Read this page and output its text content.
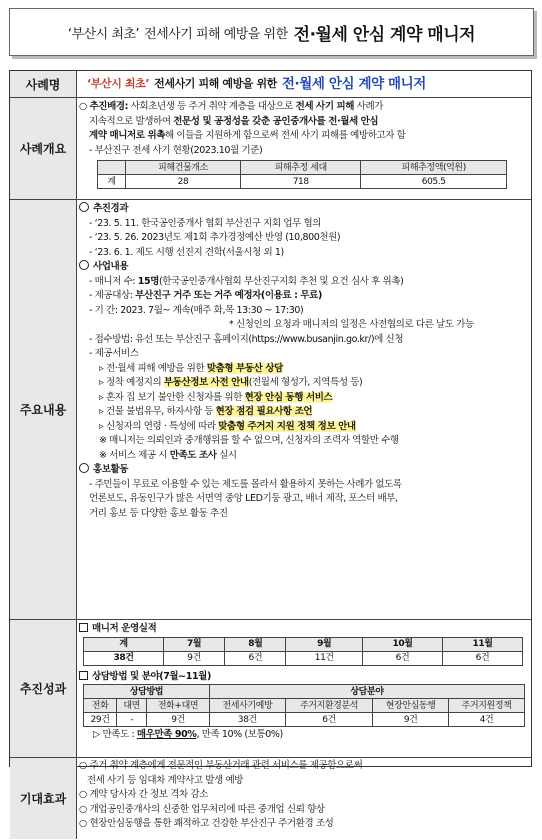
‘부산시 최초’ 전세사기 피해 예방을 위한 전·월세 안심 계약 매니저
사례명	‘부산시 최초’ 전세사기 피해 예방을 위한 전·월세 안심 계약 매니저
사례개요
○ 추진배경: 사회초년생 등 주거 취약 계층을 대상으로 전세 사기 피해 사례가
지속적으로 발생하여 전문성 및 공정성을 갖춘 공인중개사를 전·월세 안심
계약 매니저로 위촉해 이들을 지원하게 함으로써 전세 사기 피해를 예방하고자 함
- 부산진구 전세 사기 현황(2023.10월 기준)
	피해건물개소	피해추정 세대	피해추정액(억원)
계	28	718	605.5
주요내용
추진경과
- ‘23. 5. 11. 한국공인중개사 협회 부산진구 지회 업무 협의
- ‘23. 5. 26. 2023년도 제1회 추가경정예산 반영 (10,800천원)
- ‘23. 6. 1. 제도 시행 선진지 견학(서울시청 외 1)
사업내용
- 매니저 수: 15명(한국공인중개사협회 부산진구지회 추천 및 요건 심사 후 위촉)
- 제공대상: 부산진구 거주 또는 거주 예정자(이용료 : 무료)
- 기 간: 2023. 7월~ 계속(매주 화,목 13:30 ~ 17:30)
* 신청인의 요청과 매니저의 일정은 사전협의로 다른 날도 가능
- 접수방법: 유선 또는 부산진구 홈페이지(https://www.busanjin.go.kr/)에 신청
- 제공서비스
▹ 전·월세 피해 예방을 위한 맞춤형 부동산 상담
▹ 정착 예정지의 부동산정보 사전 안내(전월세 형성가, 지역특성 등)
▹ 혼자 집 보기 불안한 신청자를 위한 현장 안심 동행 서비스
▹ 건물 불법유무, 하자사항 등 현장 점검 필요사항 조언
▹ 신청자의 연령 · 특성에 따라 맞춤형 주거지 지원 정책 정보 안내
※ 매니저는 의뢰인과 중개행위를 할 수 없으며, 신청자의 조력자 역할만 수행
※ 서비스 제공 시 만족도 조사 실시
홍보활동
- 주민들이 무료로 이용할 수 있는 제도를 몰라서 활용하지 못하는 사례가 없도록
언론보도, 유동인구가 많은 서면역 중앙 LED기둥 광고, 배너 제작, 포스터 배부,
거리 홍보 등 다양한 홍보 활동 추진
추진성과
매니저 운영실적
계	7월	8월	9월	10월	11월
38건	9건	6건	11건	6건	6건
상담방법 및 분야(7월~11월)
상담방법			상담분야			
전화	대면	전화+대면	전세사기예방	주거지환경분석	현장안심동행	주거지원정책
29건	-	9건	38건	6건	9건	4건
▷ 만족도 : 매우만족 90%, 만족 10% (보통0%)
기대효과
○ 주거 취약 계층에게 전문적인 부동산거래 관련 서비스를 제공함으로써
전세 사기 등 임대차 계약사고 발생 예방
○ 계약 당사자 간 정보 격차 감소
○ 개업공인중개사의 신중한 업무처리에 따른 중개업 신뢰 향상
○ 현장안심동행을 통한 쾌적하고 건강한 부산진구 주거환경 조성
